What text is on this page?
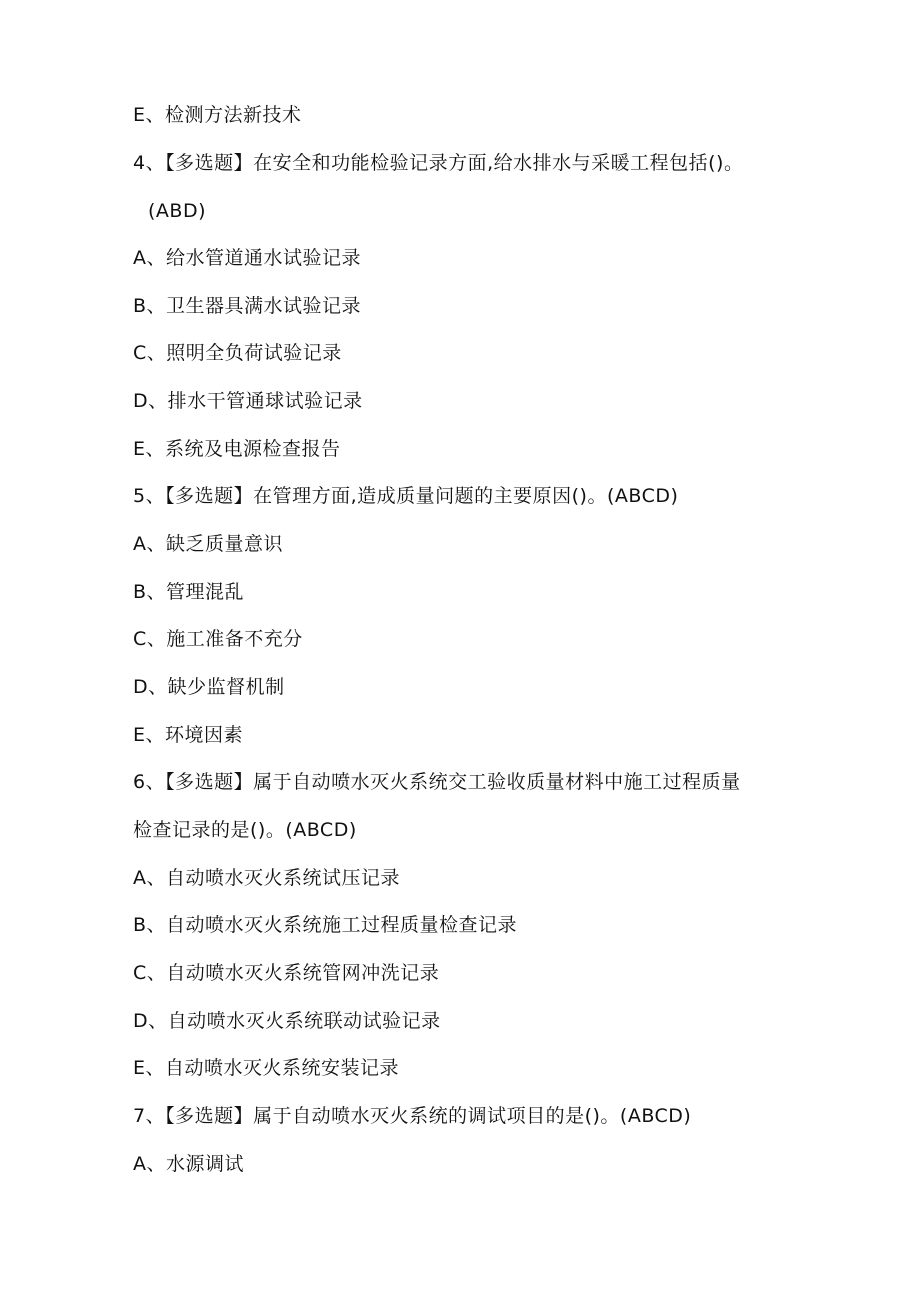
E、检测方法新技术
4、【多选题】在安全和功能检验记录方面,给水排水与采暖工程包括()。
(ABD)
A、给水管道通水试验记录
B、卫生器具满水试验记录
C、照明全负荷试验记录
D、排水干管通球试验记录
E、系统及电源检查报告
5、【多选题】在管理方面,造成质量问题的主要原因()。(ABCD)
A、缺乏质量意识
B、管理混乱
C、施工准备不充分
D、缺少监督机制
E、环境因素
6、【多选题】属于自动喷水灭火系统交工验收质量材料中施工过程质量
检查记录的是()。(ABCD)
A、自动喷水灭火系统试压记录
B、自动喷水灭火系统施工过程质量检查记录
C、自动喷水灭火系统管网冲洗记录
D、自动喷水灭火系统联动试验记录
E、自动喷水灭火系统安装记录
7、【多选题】属于自动喷水灭火系统的调试项目的是()。(ABCD)
A、水源调试
